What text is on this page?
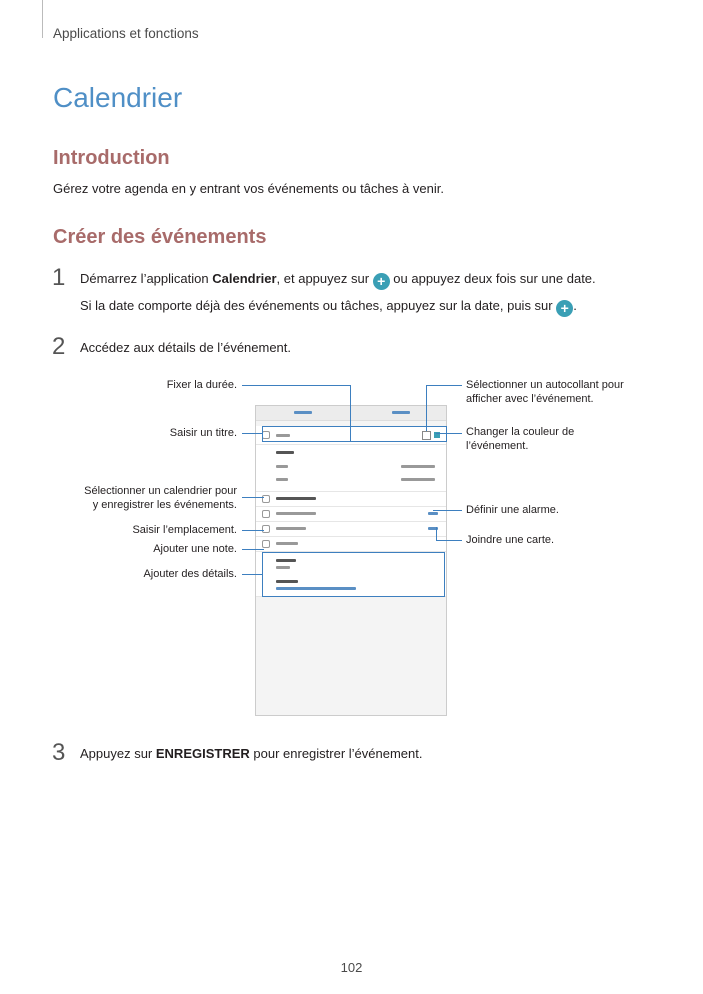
Applications et fonctions
Calendrier
Introduction
Gérez votre agenda en y entrant vos événements ou tâches à venir.
Créer des événements
1 Démarrez l’application Calendrier, et appuyez sur + ou appuyez deux fois sur une date.
Si la date comporte déjà des événements ou tâches, appuyez sur la date, puis sur + .
2 Accédez aux détails de l’événement.
Fixer la durée.
Saisir un titre.
Sélectionner un calendrier pour
y enregistrer les événements.
Saisir l’emplacement.
Ajouter une note.
Ajouter des détails.
Sélectionner un autocollant pour
afficher avec l’événement.
Changer la couleur de
l’événement.
Définir une alarme.
Joindre une carte.
3 Appuyez sur ENREGISTRER pour enregistrer l’événement.
102
